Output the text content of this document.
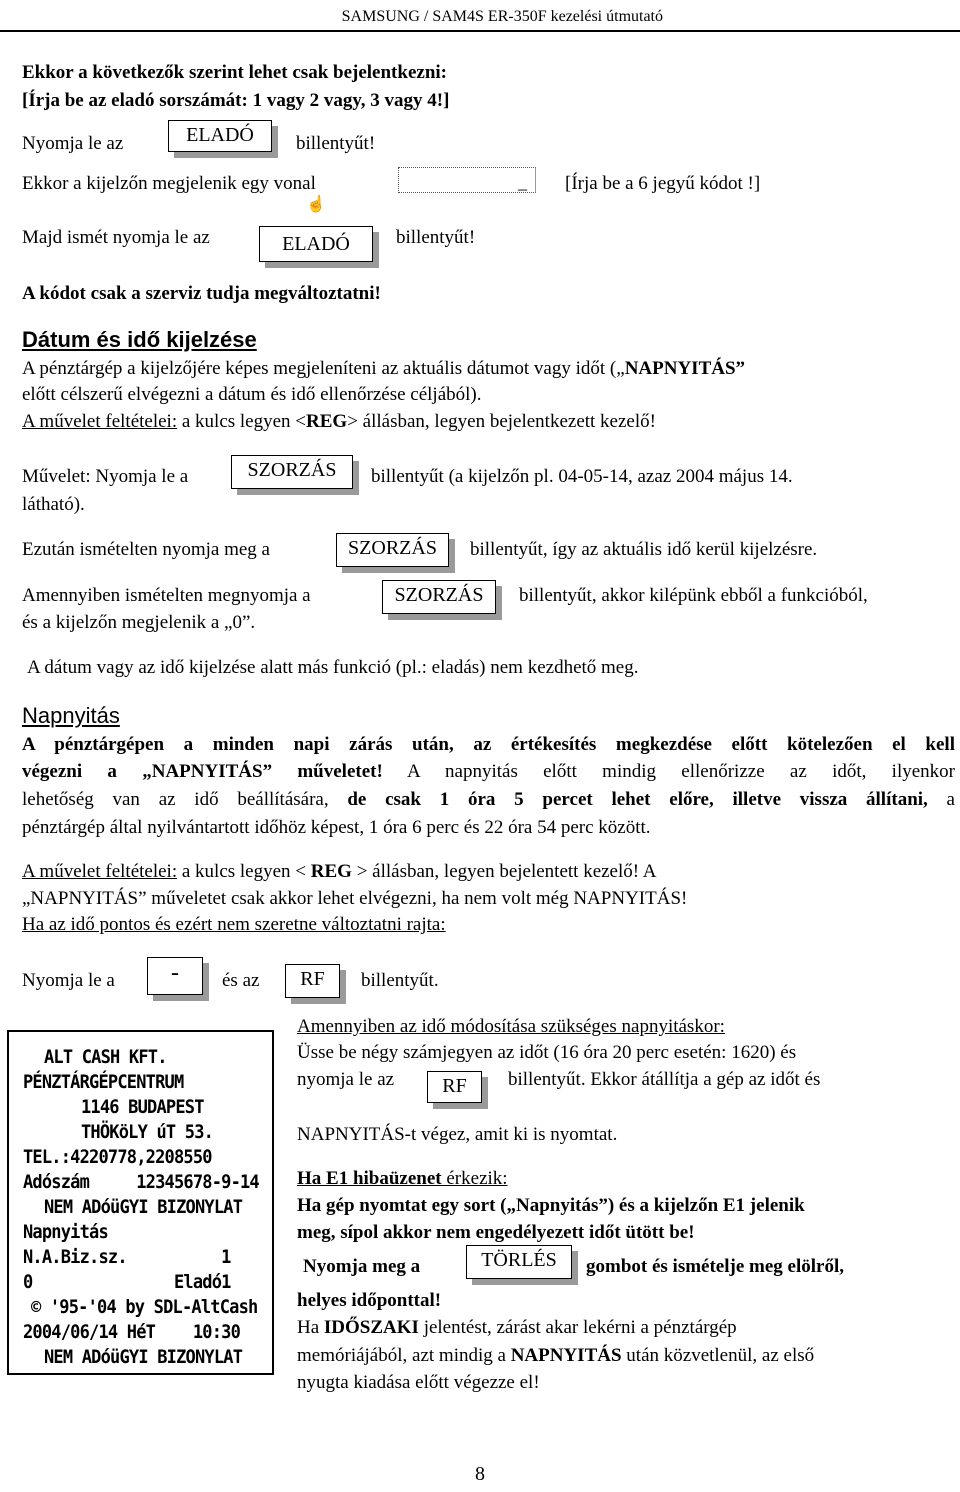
SAMSUNG / SAM4S ER-350F kezelési útmutató
Ekkor a következők szerint lehet csak bejelentkezni:
[Írja be az eladó sorszámát: 1 vagy 2 vagy, 3 vagy 4!]
Nyomja le az	ELADÓ	billentyűt!
Ekkor a kijelzőn megjelenik egy vonal	_ [Írja be a 6 jegyű kódot !]
☝
Majd ismét nyomja le az	ELADÓ	billentyűt!
A kódot csak a szerviz tudja megváltoztatni!
Dátum és idő kijelzése
A pénztárgép a kijelzőjére képes megjeleníteni az aktuális dátumot vagy időt („NAPNYITÁS”
előtt célszerű elvégezni a dátum és idő ellenőrzése céljából).
A művelet feltételei: a kulcs legyen <REG> állásban, legyen bejelentkezett kezelő!
Művelet: Nyomja le a	SZORZÁS	billentyűt (a kijelzőn pl. 04-05-14, azaz 2004 május 14.
látható).
Ezután ismételten nyomja meg a	SZORZÁS	billentyűt, így az aktuális idő kerül kijelzésre.
Amennyiben ismételten megnyomja a	SZORZÁS	billentyűt, akkor kilépünk ebből a funkcióból,
és a kijelzőn megjelenik a „0”.
A dátum vagy az idő kijelzése alatt más funkció (pl.: eladás) nem kezdhető meg.
Napnyitás
A pénztárgépen a minden napi zárás után, az értékesítés megkezdése előtt kötelezően el kell
végezni a „NAPNYITÁS” műveletet! A napnyitás előtt mindig ellenőrizze az időt, ilyenkor
lehetőség van az idő beállítására, de csak 1 óra 5 percet lehet előre, illetve vissza állítani, a
pénztárgép által nyilvántartott időhöz képest, 1 óra 6 perc és 22 óra 54 perc között.
A művelet feltételei: a kulcs legyen < REG > állásban, legyen bejelentett kezelő! A
„NAPNYITÁS” műveletet csak akkor lehet elvégezni, ha nem volt még NAPNYITÁS!
Ha az idő pontos és ezért nem szeretne változtatni rajta:
Nyomja le a	-	és az	RF	billentyűt.
ALT CASH KFT.
PÉNZTÁRGÉPCENTRUM
1146 BUDAPEST
THÖKöLY úT 53.
TEL.:4220778,2208550
Adószám     12345678-9-14
NEM ADóüGYI BIZONYLAT
Napnyitás
N.A.Biz.sz.          1
0               Eladó1
© '95-'04 by SDL-AltCash
2004/06/14 HéT    10:30
NEM ADóüGYI BIZONYLAT
Amennyiben az idő módosítása szükséges napnyitáskor:
Üsse be négy számjegyen az időt (16 óra 20 perc esetén: 1620) és
nyomja le az	RF	billentyűt. Ekkor átállítja a gép az időt és
NAPNYITÁS-t végez, amit ki is nyomtat.
Ha E1 hibaüzenet érkezik:
Ha gép nyomtat egy sort („Napnyitás”) és a kijelzőn E1 jelenik
meg, sípol akkor nem engedélyezett időt ütött be!
Nyomja meg a	TÖRLÉS	gombot és ismételje meg elölről,
helyes időponttal!
Ha IDŐSZAKI jelentést, zárást akar lekérni a pénztárgép
memóriájából, azt mindig a NAPNYITÁS után közvetlenül, az első
nyugta kiadása előtt végezze el!
8
